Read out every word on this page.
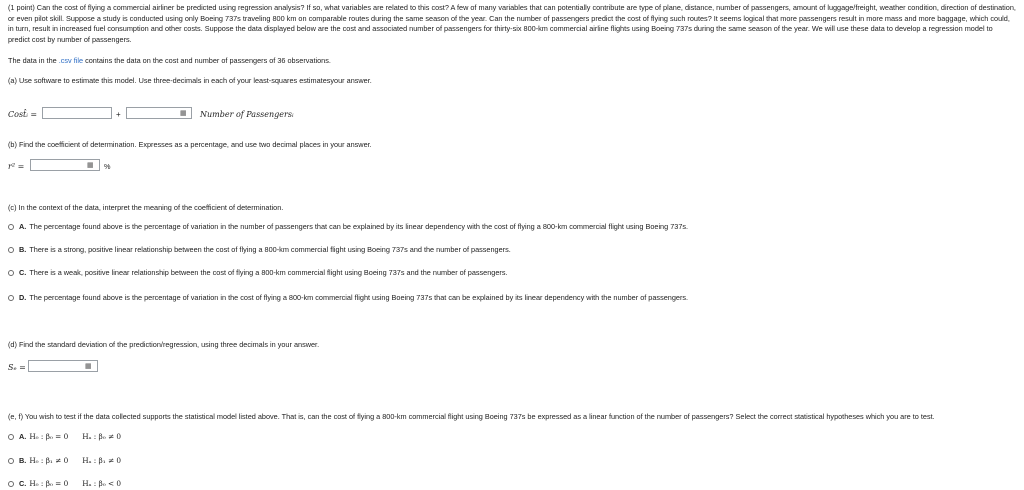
(1 point) Can the cost of flying a commercial airliner be predicted using regression analysis? If so, what variables are related to this cost? A few of many variables that can potentially contribute are type of plane, distance, number of passengers, amount of luggage/freight, weather condition, direction of destination, or even pilot skill. Suppose a study is conducted using only Boeing 737s traveling 800 km on comparable routes during the same season of the year. Can the number of passengers predict the cost of flying such routes? It seems logical that more passengers result in more mass and more baggage, which could, in turn, result in increased fuel consumption and other costs. Suppose the data displayed below are the cost and associated number of passengers for thirty-six 800-km commercial airline flights using Boeing 737s during the same season of the year. We will use these data to develop a regression model to predict cost by number of passengers.
The data in the .csv file contains the data on the cost and number of passengers of 36 observations.
(a) Use software to estimate this model. Use three-decimals in each of your least-squares estimatesyour answer.
Cost̂ᵢ =	+	▦ Number of Passengersᵢ
(b) Find the coefficient of determination. Expresses as a percentage, and use two decimal places in your answer.
r² =	▦ %
(c) In the context of the data, interpret the meaning of the coefficient of determination.
A. The percentage found above is the percentage of variation in the number of passengers that can be explained by its linear dependency with the cost of flying a 800-km commercial flight using Boeing 737s.
B. There is a strong, positive linear relationship between the cost of flying a 800-km commercial flight using Boeing 737s and the number of passengers.
C. There is a weak, positive linear relationship between the cost of flying a 800-km commercial flight using Boeing 737s and the number of passengers.
D. The percentage found above is the percentage of variation in the cost of flying a 800-km commercial flight using Boeing 737s that can be explained by its linear dependency with the number of passengers.
(d) Find the standard deviation of the prediction/regression, using three decimals in your answer.
Sₑ =	▦
(e, f) You wish to test if the data collected supports the statistical model listed above. That is, can the cost of flying a 800-km commercial flight using Boeing 737s be expressed as a linear function of the number of passengers? Select the correct statistical hypotheses which you are to test.
A. H₀ : β₀ = 0 Hₐ : β₀ ≠ 0
B. H₀ : β₁ ≠ 0 Hₐ : β₁ ≠ 0
C. H₀ : β₀ = 0 Hₐ : β₀ < 0
